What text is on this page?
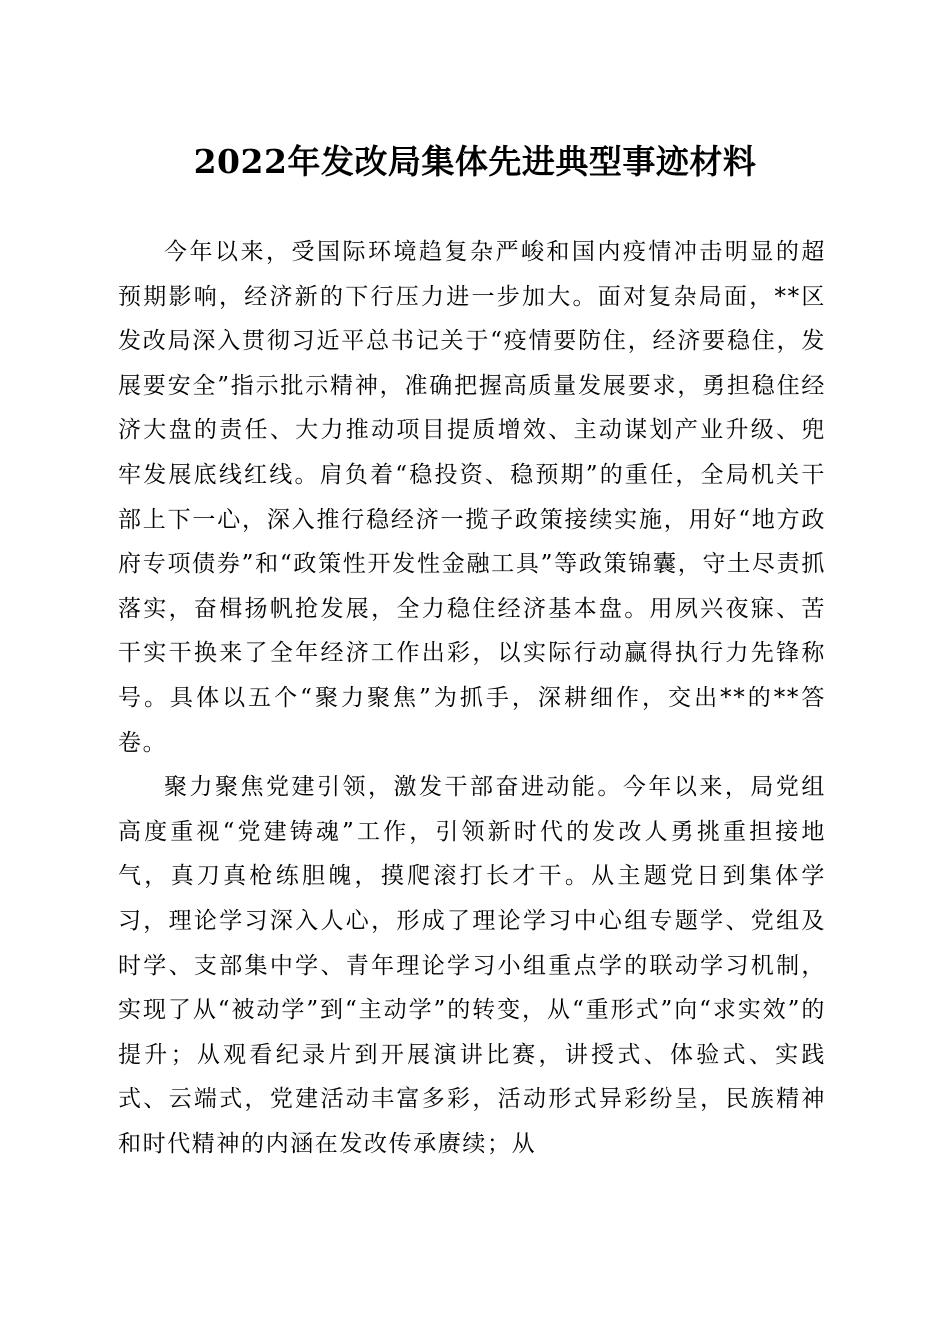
2022年发改局集体先进典型事迹材料

今年以来，受国际环境趋复杂严峻和国内疫情冲击明显的超预期影响，经济新的下行压力进一步加大。面对复杂局面，**区发改局深入贯彻习近平总书记关于“疫情要防住，经济要稳住，发展要安全”指示批示精神，准确把握高质量发展要求，勇担稳住经济大盘的责任、大力推动项目提质增效、主动谋划产业升级、兜牢发展底线红线。肩负着“稳投资、稳预期”的重任，全局机关干部上下一心，深入推行稳经济一揽子政策接续实施，用好“地方政府专项债券”和“政策性开发性金融工具”等政策锦囊，守土尽责抓落实，奋楫扬帆抢发展，全力稳住经济基本盘。用夙兴夜寐、苦干实干换来了全年经济工作出彩，以实际行动赢得执行力先锋称号。具体以五个“聚力聚焦”为抓手，深耕细作，交出**的**答卷。

聚力聚焦党建引领，激发干部奋进动能。今年以来，局党组高度重视“党建铸魂”工作，引领新时代的发改人勇挑重担接地气，真刀真枪练胆魄，摸爬滚打长才干。从主题党日到集体学习，理论学习深入人心，形成了理论学习中心组专题学、党组及时学、支部集中学、青年理论学习小组重点学的联动学习机制，实现了从“被动学”到“主动学”的转变，从“重形式”向“求实效”的提升；从观看纪录片到开展演讲比赛，讲授式、体验式、实践式、云端式，党建活动丰富多彩，活动形式异彩纷呈，民族精神和时代精神的内涵在发改传承赓续；从
